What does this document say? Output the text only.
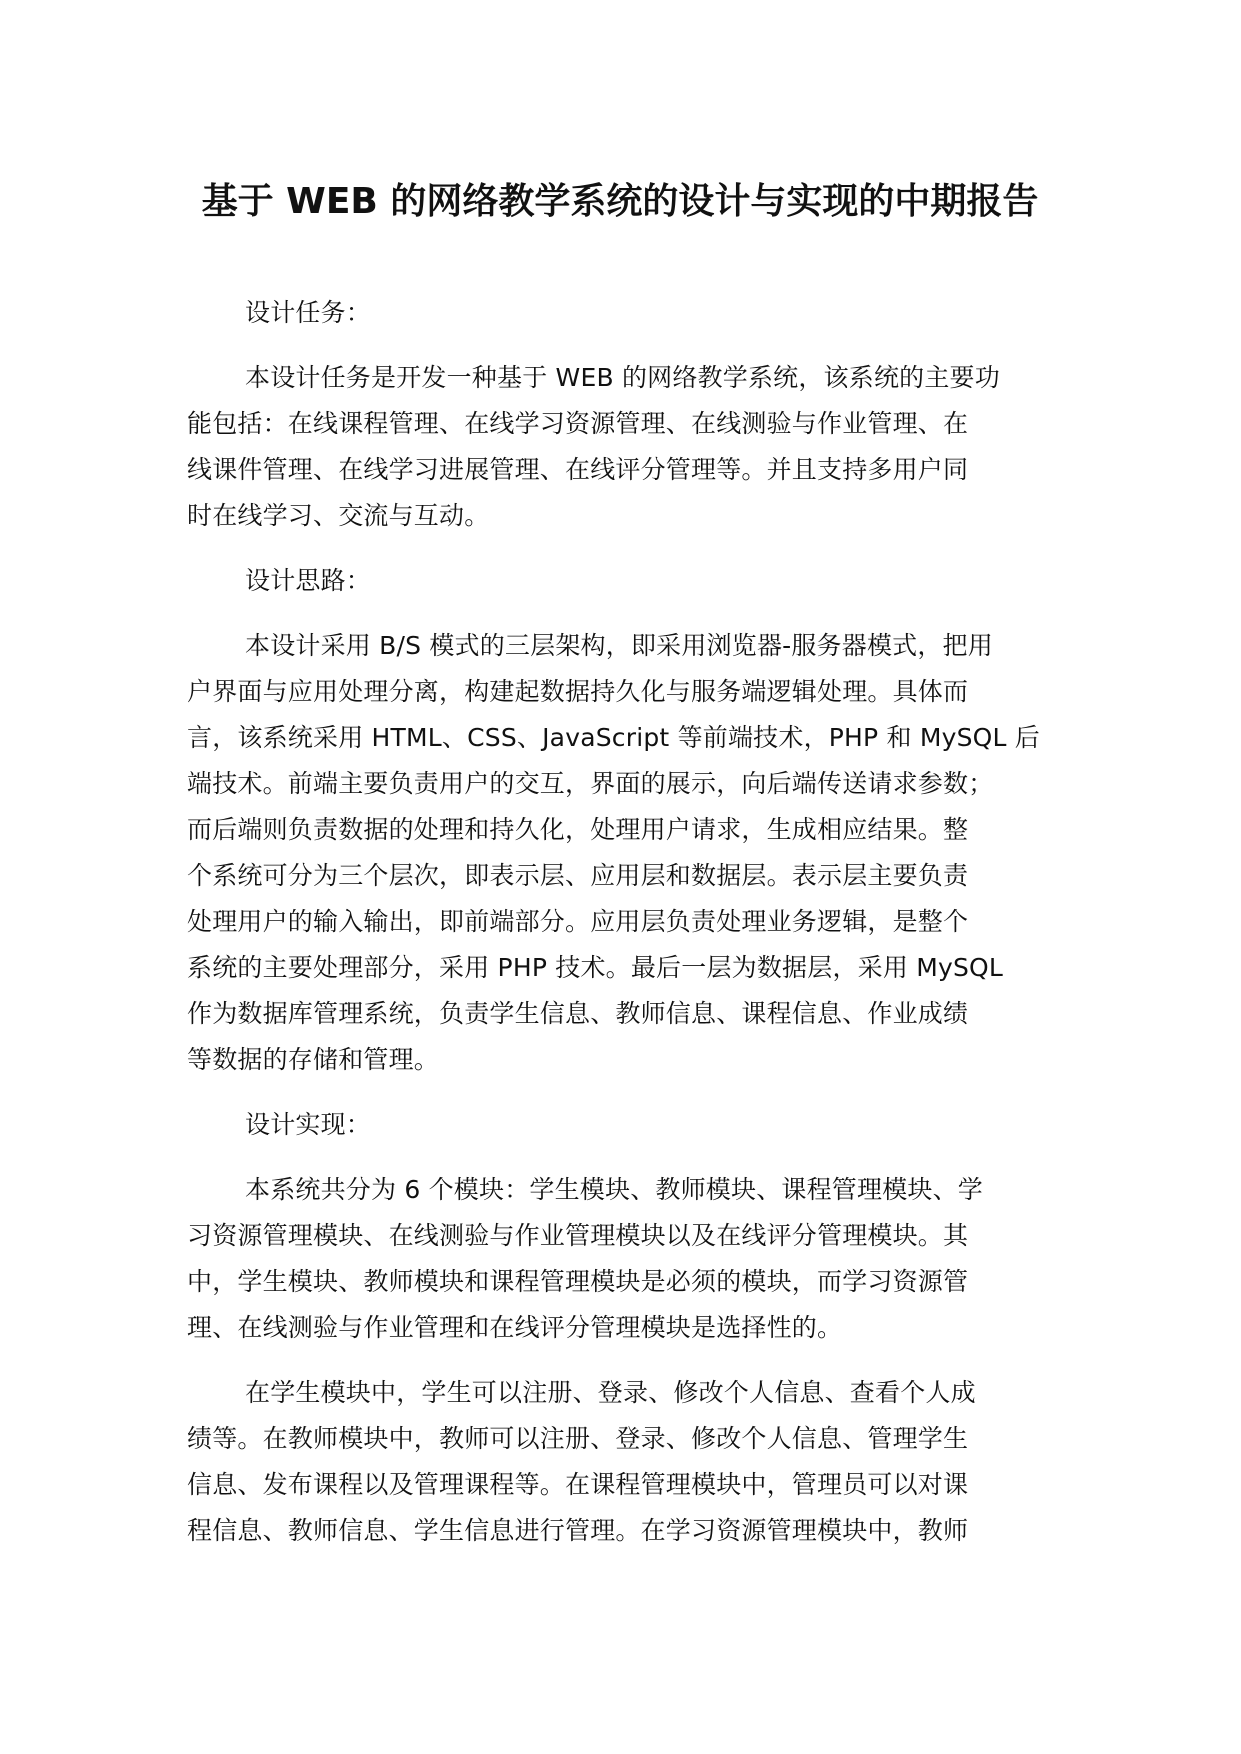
基于 WEB 的网络教学系统的设计与实现的中期报告
设计任务：
本设计任务是开发一种基于 WEB 的网络教学系统，该系统的主要功
能包括：在线课程管理、在线学习资源管理、在线测验与作业管理、在
线课件管理、在线学习进展管理、在线评分管理等。并且支持多用户同
时在线学习、交流与互动。
设计思路：
本设计采用 B/S 模式的三层架构，即采用浏览器-服务器模式，把用
户界面与应用处理分离，构建起数据持久化与服务端逻辑处理。具体而
言，该系统采用 HTML、CSS、JavaScript 等前端技术，PHP 和 MySQL 后
端技术。前端主要负责用户的交互，界面的展示，向后端传送请求参数；
而后端则负责数据的处理和持久化，处理用户请求，生成相应结果。整
个系统可分为三个层次，即表示层、应用层和数据层。表示层主要负责
处理用户的输入输出，即前端部分。应用层负责处理业务逻辑，是整个
系统的主要处理部分，采用 PHP 技术。最后一层为数据层，采用 MySQL
作为数据库管理系统，负责学生信息、教师信息、课程信息、作业成绩
等数据的存储和管理。
设计实现：
本系统共分为 6 个模块：学生模块、教师模块、课程管理模块、学
习资源管理模块、在线测验与作业管理模块以及在线评分管理模块。其
中，学生模块、教师模块和课程管理模块是必须的模块，而学习资源管
理、在线测验与作业管理和在线评分管理模块是选择性的。
在学生模块中，学生可以注册、登录、修改个人信息、查看个人成
绩等。在教师模块中，教师可以注册、登录、修改个人信息、管理学生
信息、发布课程以及管理课程等。在课程管理模块中，管理员可以对课
程信息、教师信息、学生信息进行管理。在学习资源管理模块中，教师
